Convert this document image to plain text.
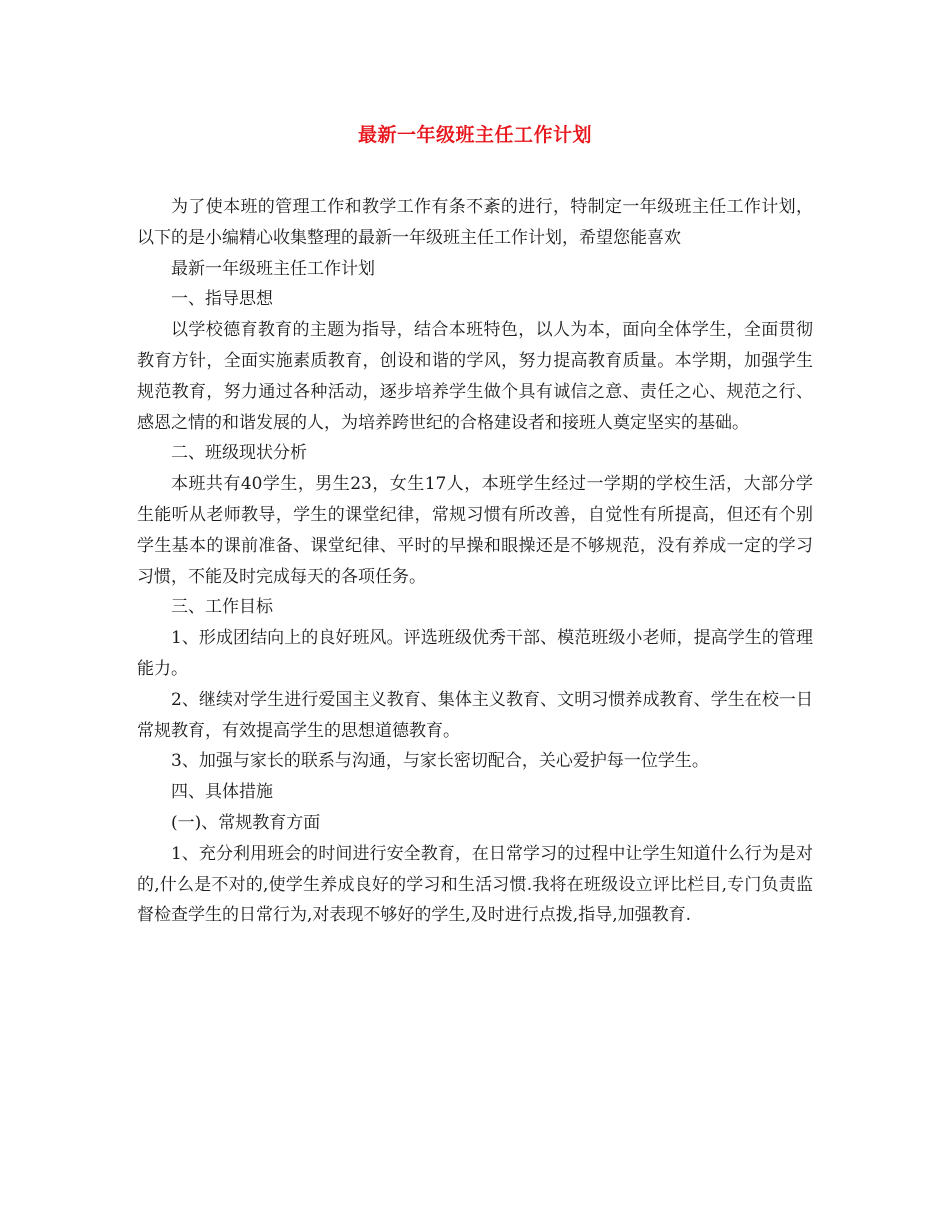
最新一年级班主任工作计划

为了使本班的管理工作和教学工作有条不紊的进行，特制定一年级班主任工作计划，以下的是小编精心收集整理的最新一年级班主任工作计划，希望您能喜欢

最新一年级班主任工作计划

一、指导思想

以学校德育教育的主题为指导，结合本班特色，以人为本，面向全体学生，全面贯彻教育方针，全面实施素质教育，创设和谐的学风，努力提高教育质量。本学期，加强学生规范教育，努力通过各种活动，逐步培养学生做个具有诚信之意、责任之心、规范之行、感恩之情的和谐发展的人，为培养跨世纪的合格建设者和接班人奠定坚实的基础。

二、班级现状分析

本班共有40学生，男生23，女生17人，本班学生经过一学期的学校生活，大部分学生能听从老师教导，学生的课堂纪律，常规习惯有所改善，自觉性有所提高，但还有个别学生基本的课前准备、课堂纪律、平时的早操和眼操还是不够规范，没有养成一定的学习习惯，不能及时完成每天的各项任务。

三、工作目标

1、形成团结向上的良好班风。评选班级优秀干部、模范班级小老师，提高学生的管理能力。

2、继续对学生进行爱国主义教育、集体主义教育、文明习惯养成教育、学生在校一日常规教育，有效提高学生的思想道德教育。

3、加强与家长的联系与沟通，与家长密切配合，关心爱护每一位学生。

四、具体措施

(一)、常规教育方面

1、充分利用班会的时间进行安全教育，在日常学习的过程中让学生知道什么行为是对的,什么是不对的,使学生养成良好的学习和生活习惯.我将在班级设立评比栏目,专门负责监督检查学生的日常行为,对表现不够好的学生,及时进行点拨,指导,加强教育.
